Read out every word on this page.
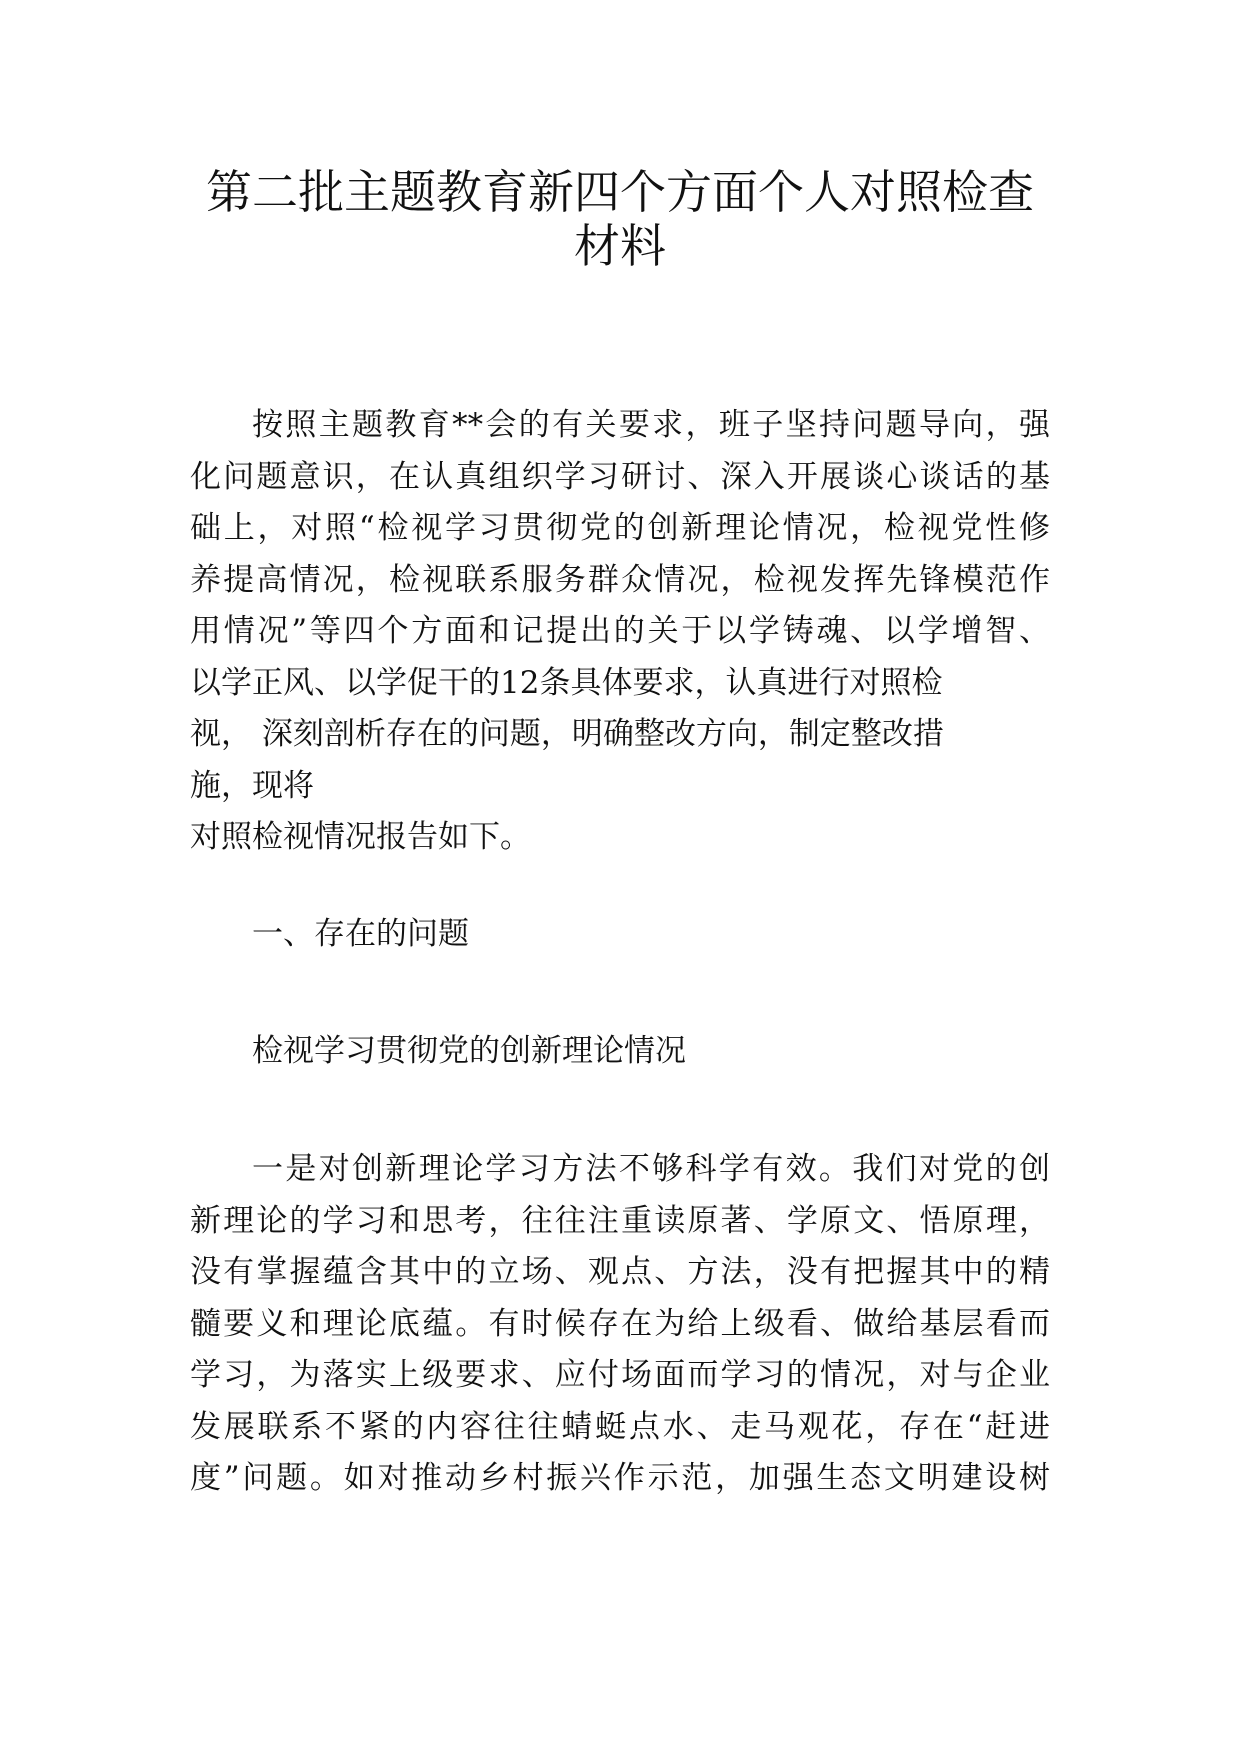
第二批主题教育新四个方面个人对照检查
材料
按照主题教育**会的有关要求，班子坚持问题导向，强
化问题意识，在认真组织学习研讨、深入开展谈心谈话的基
础上，对照“检视学习贯彻党的创新理论情况，检视党性修
养提高情况，检视联系服务群众情况，检视发挥先锋模范作
用情况”等四个方面和记提出的关于以学铸魂、以学增智、
以学正风、以学促干的12条具体要求，认真进行对照检
视， 深刻剖析存在的问题，明确整改方向，制定整改措
施，现将
对照检视情况报告如下。
一、存在的问题
检视学习贯彻党的创新理论情况
一是对创新理论学习方法不够科学有效。我们对党的创
新理论的学习和思考，往往注重读原著、学原文、悟原理，
没有掌握蕴含其中的立场、观点、方法，没有把握其中的精
髓要义和理论底蕴。有时候存在为给上级看、做给基层看而
学习，为落实上级要求、应付场面而学习的情况，对与企业
发展联系不紧的内容往往蜻蜓点水、走马观花，存在“赶进
度”问题。如对推动乡村振兴作示范，加强生态文明建设树
